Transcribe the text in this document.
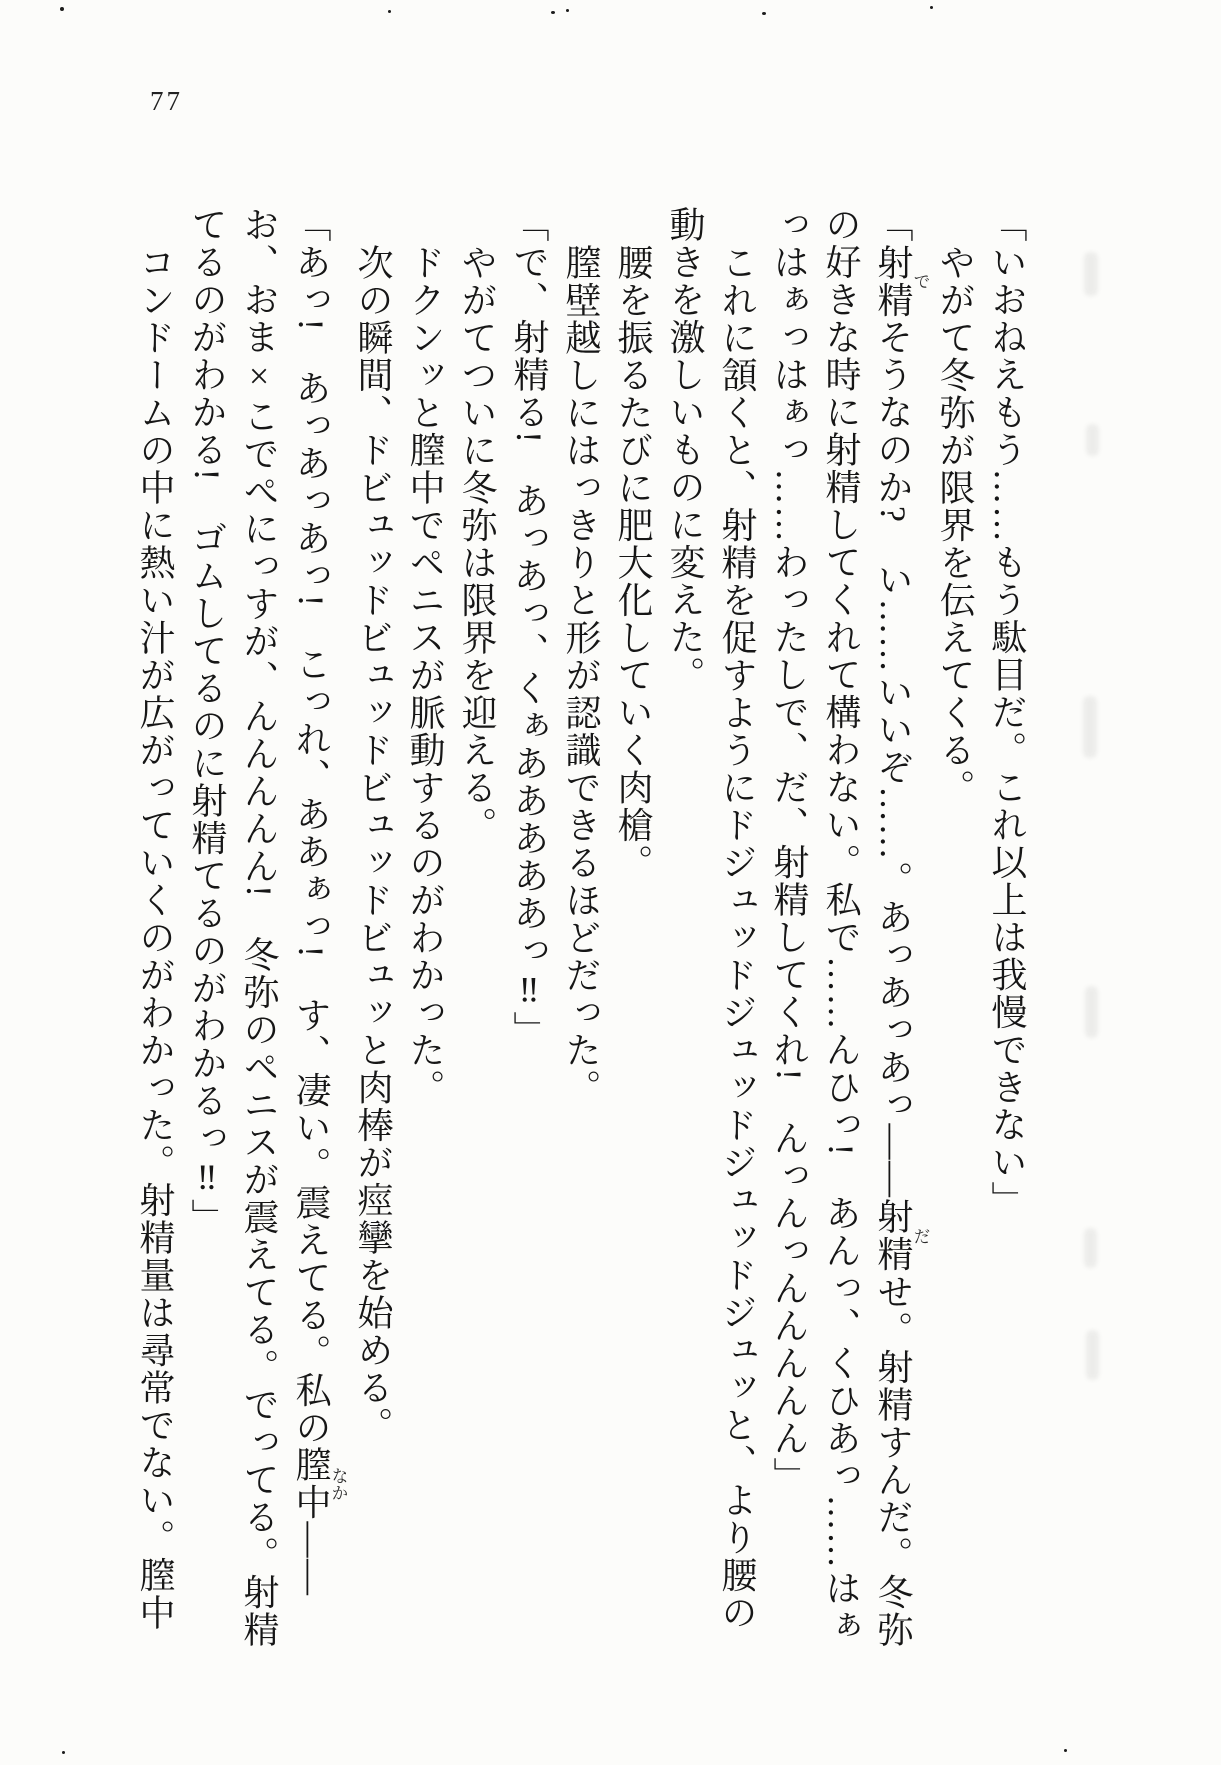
77

「いおねえもう……もう駄目だ。これ以上は我慢できない」

やがて冬弥が限界を伝えてくる。

「射精でそうなのか?　い……いいぞ……。あっあっあっ——射精だせ。射精すんだ。冬弥の好きな時に射精してくれて構わない。私で……んひっ!　あんっ、くひあっ……はぁっはぁっはぁっ……わったしで、だ、射精してくれ!　んっんっんんんんん」

これに頷くと、射精を促すようにドジュッドジュッドジュッドジュッと、より腰の動きを激しいものに変えた。

腰を振るたびに肥大化していく肉槍。

膣壁越しにはっきりと形が認識できるほどだった。

「で、射精る!　あっあっ、くぁあああああっ‼」

やがてついに冬弥は限界を迎える。

ドクンッと膣中でペニスが脈動するのがわかった。

次の瞬間、ドビュッドビュッドビュッドビュッと肉棒が痙攣を始める。

「あっ!　あっあっあっ!　こっれ、ああぁっ!　す、凄い。震えてる。私の膣中なか——お、おま×こでぺにっすが、んんんんん!　冬弥のペニスが震えてる。でってる。射精てるのがわかる!　ゴムしてるのに射精てるのがわかるっ‼」

コンドームの中に熱い汁が広がっていくのがわかった。射精量は尋常でない。膣中
